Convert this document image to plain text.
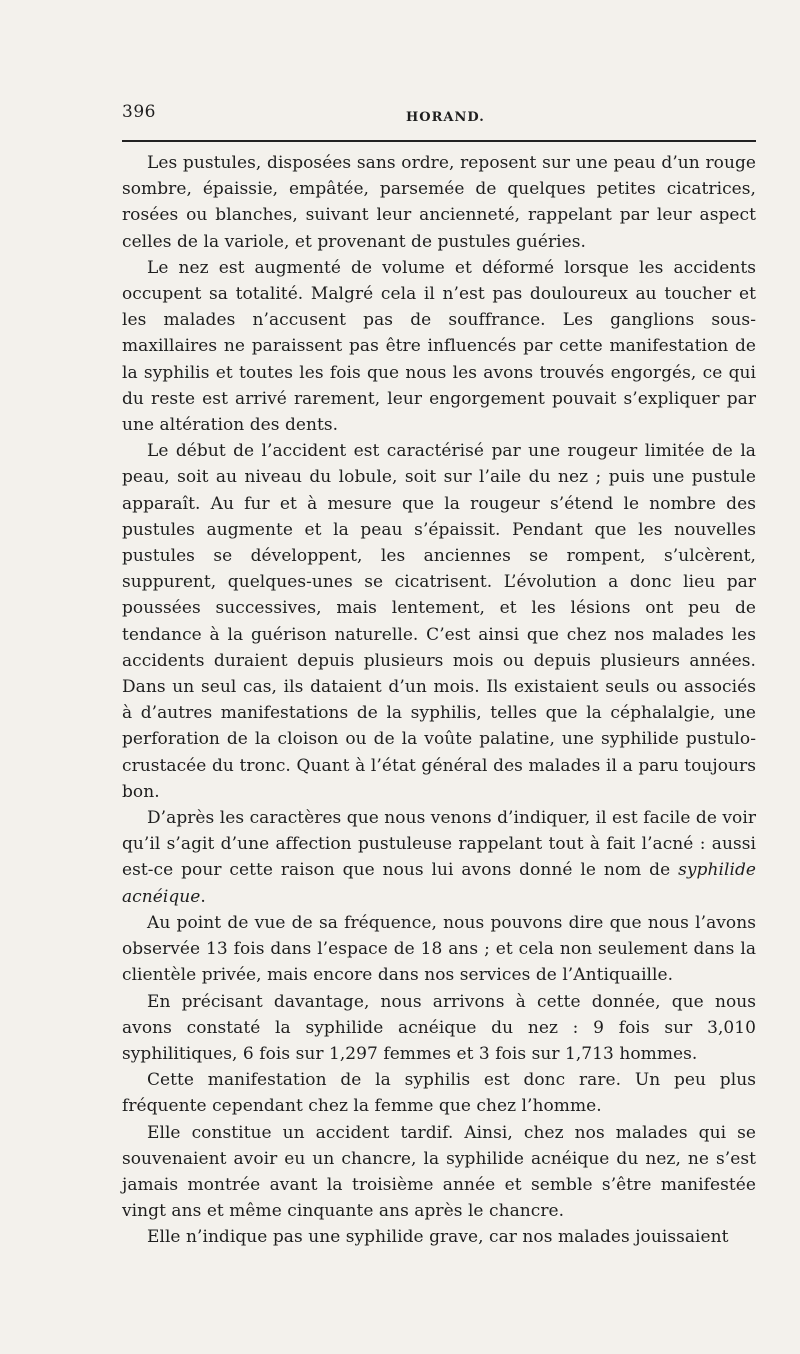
396	HORAND.

Les pustules, disposées sans ordre, reposent sur une peau d’un rouge sombre, épaissie, empâtée, parsemée de quelques petites cicatrices, rosées ou blanches, suivant leur ancienneté, rappelant par leur aspect celles de la variole, et provenant de pustules guéries.

Le nez est augmenté de volume et déformé lorsque les accidents occupent sa totalité. Malgré cela il n’est pas douloureux au toucher et les malades n’accusent pas de souffrance. Les ganglions sous-maxillaires ne paraissent pas être influencés par cette manifestation de la syphilis et toutes les fois que nous les avons trouvés engorgés, ce qui du reste est arrivé rarement, leur engorgement pouvait s’expliquer par une altération des dents.

Le début de l’accident est caractérisé par une rougeur limitée de la peau, soit au niveau du lobule, soit sur l’aile du nez ; puis une pustule apparaît. Au fur et à mesure que la rougeur s’étend le nombre des pustules augmente et la peau s’épaissit. Pendant que les nouvelles pustules se développent, les anciennes se rompent, s’ulcèrent, suppurent, quelques-unes se cicatrisent. L’évolution a donc lieu par poussées successives, mais lentement, et les lésions ont peu de tendance à la guérison naturelle. C’est ainsi que chez nos malades les accidents duraient depuis plusieurs mois ou depuis plusieurs années. Dans un seul cas, ils dataient d’un mois. Ils existaient seuls ou associés à d’autres manifestations de la syphilis, telles que la céphalalgie, une perforation de la cloison ou de la voûte palatine, une syphilide pustulo-crustacée du tronc. Quant à l’état général des malades il a paru toujours bon.

D’après les caractères que nous venons d’indiquer, il est facile de voir qu’il s’agit d’une affection pustuleuse rappelant tout à fait l’acné : aussi est-ce pour cette raison que nous lui avons donné le nom de syphilide acnéique.

Au point de vue de sa fréquence, nous pouvons dire que nous l’avons observée 13 fois dans l’espace de 18 ans ; et cela non seulement dans la clientèle privée, mais encore dans nos services de l’Antiquaille.

En précisant davantage, nous arrivons à cette donnée, que nous avons constaté la syphilide acnéique du nez : 9 fois sur 3,010 syphilitiques, 6 fois sur 1,297 femmes et 3 fois sur 1,713 hommes.

Cette manifestation de la syphilis est donc rare. Un peu plus fréquente cependant chez la femme que chez l’homme.

Elle constitue un accident tardif. Ainsi, chez nos malades qui se souvenaient avoir eu un chancre, la syphilide acnéique du nez, ne s’est jamais montrée avant la troisième année et semble s’être manifestée vingt ans et même cinquante ans après le chancre.

Elle n’indique pas une syphilide grave, car nos malades jouissaient
